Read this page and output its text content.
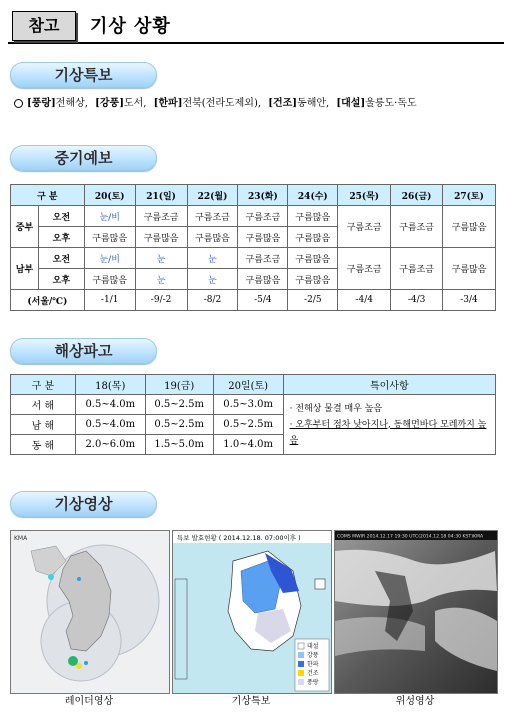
참고	기상 상황
기상특보
[풍랑]전해상, [강풍]도서, [한파]전북(전라도제외), [건조]동해안, [대설]울릉도·독도
중기예보
구 분		20(토)	21(일)	22(월)	23(화)	24(수)	25(목)	26(금)	27(토)
중부	오전	눈/비	구름조금	구름조금	구름조금	구름많음	구름조금	구름조금	구름많음
	오후	구름많음	구름많음	구름많음	구름많음	구름많음			
남부	오전	눈/비	눈	눈	구름조금	구름많음	구름조금	구름조금	구름많음
	오후	구름많음	눈	눈	구름많음	구름많음			
(서울/℃)		-1/1	-9/-2	-8/2	-5/4	-2/5	-4/4	-4/3	-3/4
해상파고
구 분	18(목)	19(금)	20일(토)	특이사항
서 해	0.5~4.0m	0.5~2.5m	0.5~3.0m	· 전해상 물결 매우 높음
· 오후부터 점차 낮아지나, 동해먼바다 모레까지 높음

남 해	0.5~4.0m	0.5~2.5m	0.5~2.5m	
동 해	2.0~6.0m	1.5~5.0m	1.0~4.0m	
기상영상
KMA
레이더영상
특보 발효현황 ( 2014.12.18. 07:00이후 )
대설
강풍
한파
건조
풍랑
기상특보
COMS MWIR 2014.12.17 19:30 UTC(2014.12.18 04:30 KST)KMA
위성영상
